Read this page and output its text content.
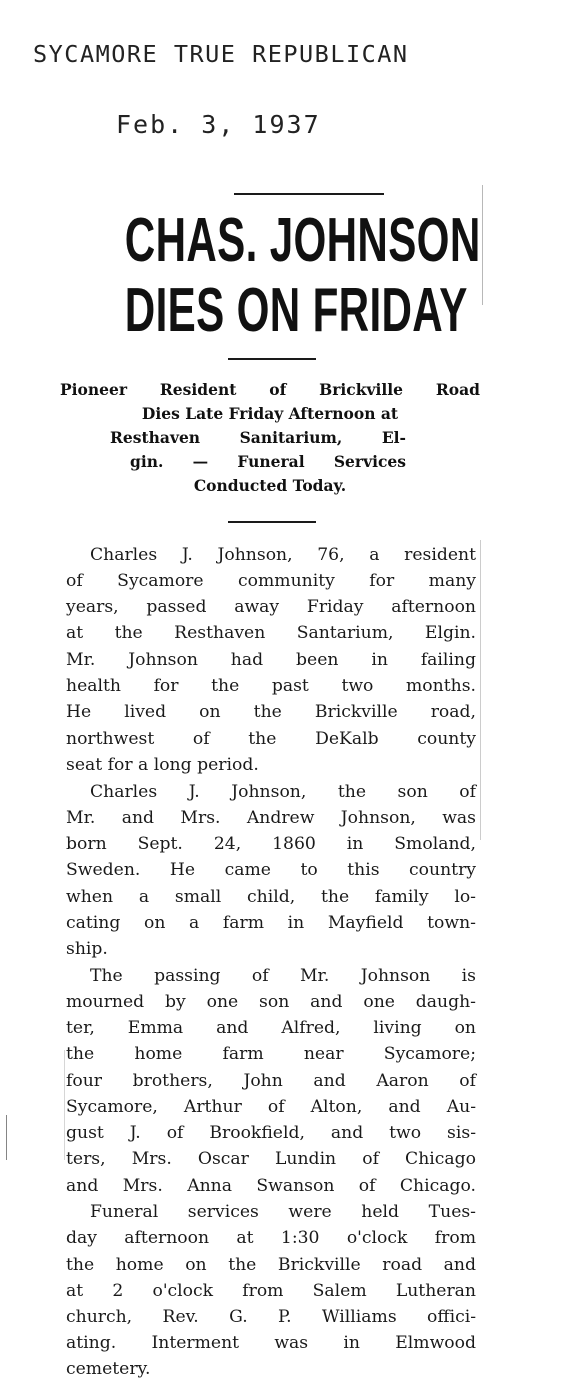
SYCAMORE TRUE REPUBLICAN
Feb. 3, 1937
CHAS. JOHNSON
DIES ON FRIDAY
Pioneer Resident of Brickville Road
Dies Late Friday Afternoon at
Resthaven Sanitarium, El-
gin. — Funeral Services
Conducted Today.
Charles J. Johnson, 76, a resident
of Sycamore community for many
years, passed away Friday afternoon
at the Resthaven Santarium, Elgin.
Mr. Johnson had been in failing
health for the past two months.
He lived on the Brickville road,
northwest of the DeKalb county
seat for a long period.
Charles J. Johnson, the son of
Mr. and Mrs. Andrew Johnson, was
born Sept. 24, 1860 in Smoland,
Sweden. He came to this country
when a small child, the family lo-
cating on a farm in Mayfield town-
ship.
The passing of Mr. Johnson is
mourned by one son and one daugh-
ter, Emma and Alfred, living on
the home farm near Sycamore;
four brothers, John and Aaron of
Sycamore, Arthur of Alton, and Au-
gust J. of Brookfield, and two sis-
ters, Mrs. Oscar Lundin of Chicago
and Mrs. Anna Swanson of Chicago.
Funeral services were held Tues-
day afternoon at 1:30 o'clock from
the home on the Brickville road and
at 2 o'clock from Salem Lutheran
church, Rev. G. P. Williams offici-
ating. Interment was in Elmwood
cemetery.
